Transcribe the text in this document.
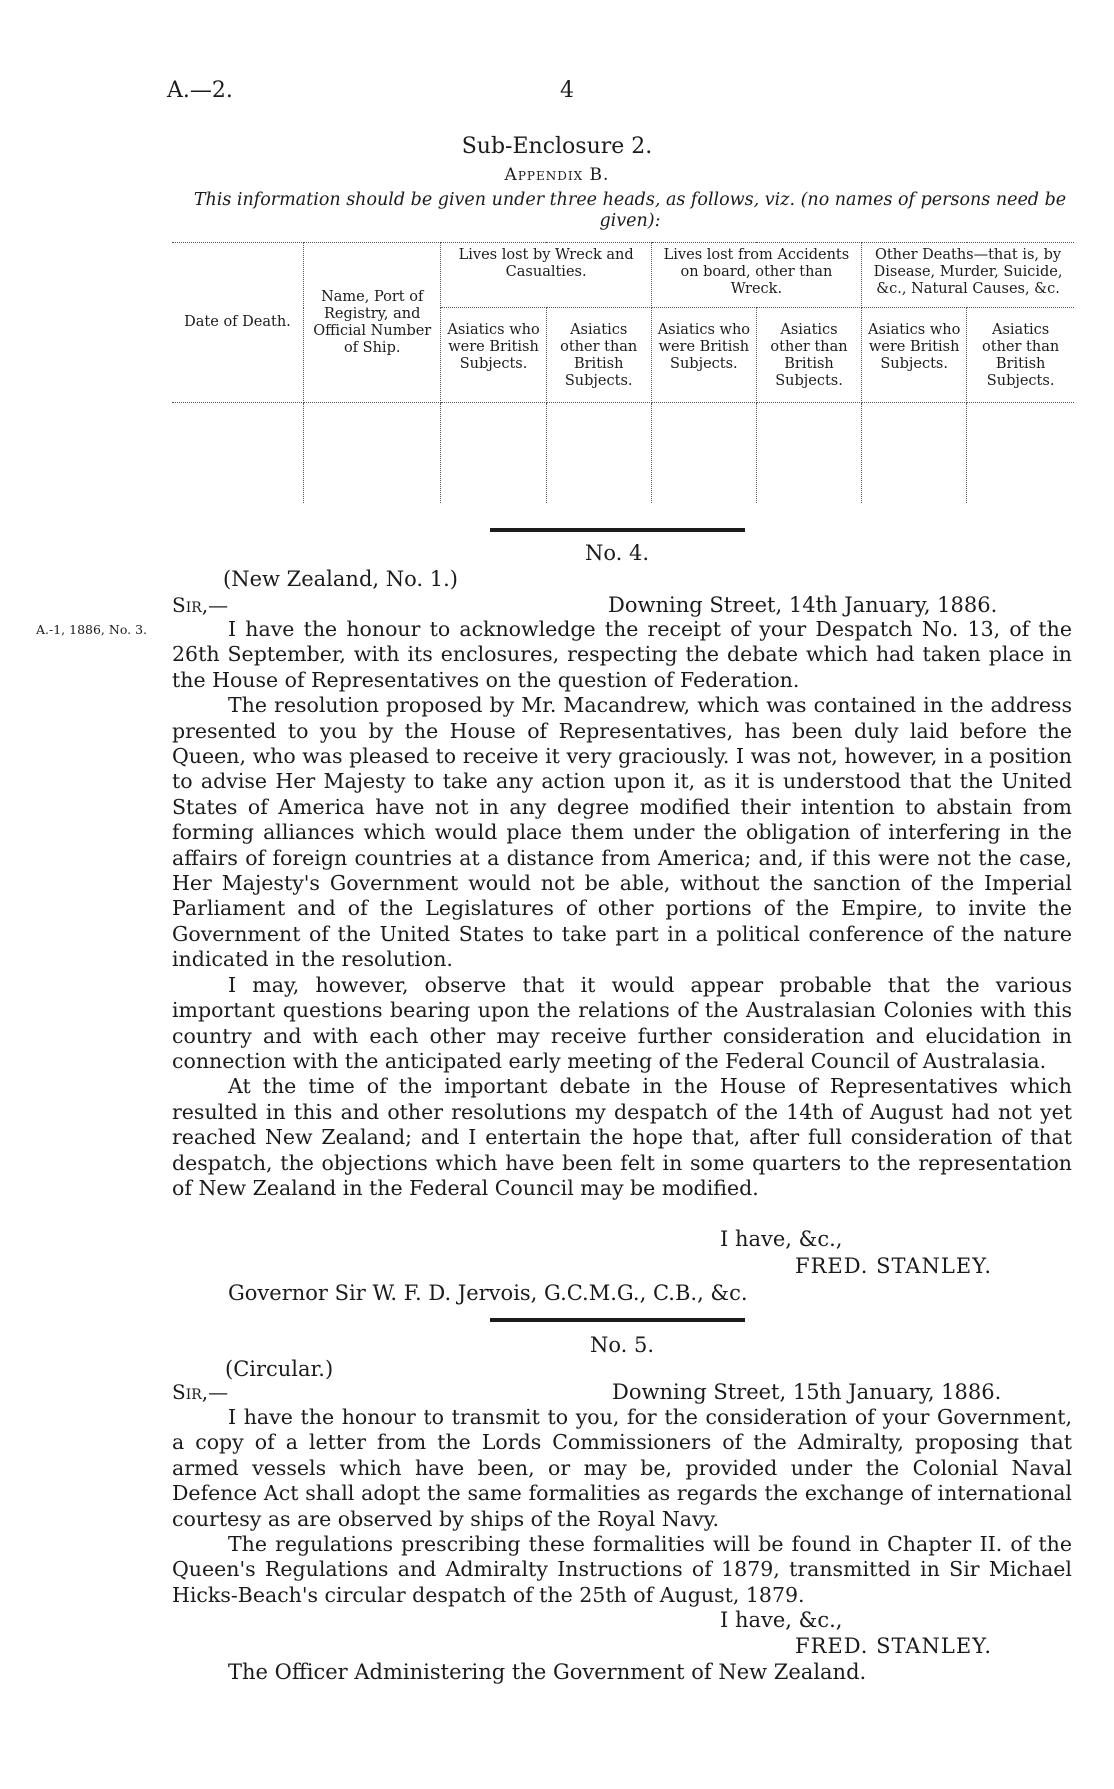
A.—2.	4
Sub-Enclosure 2.
Appendix B.
This information should be given under three heads, as follows, viz. (no names of persons need be given):
Date of Death.	Name, Port of Registry, and Official Number of Ship.	Lives lost by Wreck and Casualties.		Lives lost from Accidents on board, other than Wreck.		Other Deaths—that is, by Disease, Murder, Suicide, &c., Natural Causes, &c.	
		Asiatics who were British Subjects.	Asiatics other than British Subjects.	Asiatics who were British Subjects.	Asiatics other than British Subjects.	Asiatics who were British Subjects.	Asiatics other than British Subjects.

No. 4.
(New Zealand, No. 1.)
Sir,—	Downing Street, 14th January, 1886.
A.-1, 1886, No. 3.	I have the honour to acknowledge the receipt of your Despatch No. 13, of the 26th September, with its enclosures, respecting the debate which had taken place in the House of Representatives on the question of Federation.

The resolution proposed by Mr. Macandrew, which was contained in the address presented to you by the House of Representatives, has been duly laid before the Queen, who was pleased to receive it very graciously. I was not, however, in a position to advise Her Majesty to take any action upon it, as it is understood that the United States of America have not in any degree modified their intention to abstain from forming alliances which would place them under the obligation of interfering in the affairs of foreign countries at a distance from America; and, if this were not the case, Her Majesty's Government would not be able, without the sanction of the Imperial Parliament and of the Legislatures of other portions of the Empire, to invite the Government of the United States to take part in a political conference of the nature indicated in the resolution.

I may, however, observe that it would appear probable that the various important questions bearing upon the relations of the Australasian Colonies with this country and with each other may receive further consideration and elucidation in connection with the anticipated early meeting of the Federal Council of Australasia.

At the time of the important debate in the House of Representatives which resulted in this and other resolutions my despatch of the 14th of August had not yet reached New Zealand; and I entertain the hope that, after full consideration of that despatch, the objections which have been felt in some quarters to the representation of New Zealand in the Federal Council may be modified.

I have, &c.,
FRED. STANLEY.
Governor Sir W. F. D. Jervois, G.C.M.G., C.B., &c.
No. 5.
(Circular.)
Sir,—	Downing Street, 15th January, 1886.

I have the honour to transmit to you, for the consideration of your Government, a copy of a letter from the Lords Commissioners of the Admiralty, proposing that armed vessels which have been, or may be, provided under the Colonial Naval Defence Act shall adopt the same formalities as regards the exchange of international courtesy as are observed by ships of the Royal Navy.

The regulations prescribing these formalities will be found in Chapter II. of the Queen's Regulations and Admiralty Instructions of 1879, transmitted in Sir Michael Hicks-Beach's circular despatch of the 25th of August, 1879.

I have, &c.,
FRED. STANLEY.
The Officer Administering the Government of New Zealand.
